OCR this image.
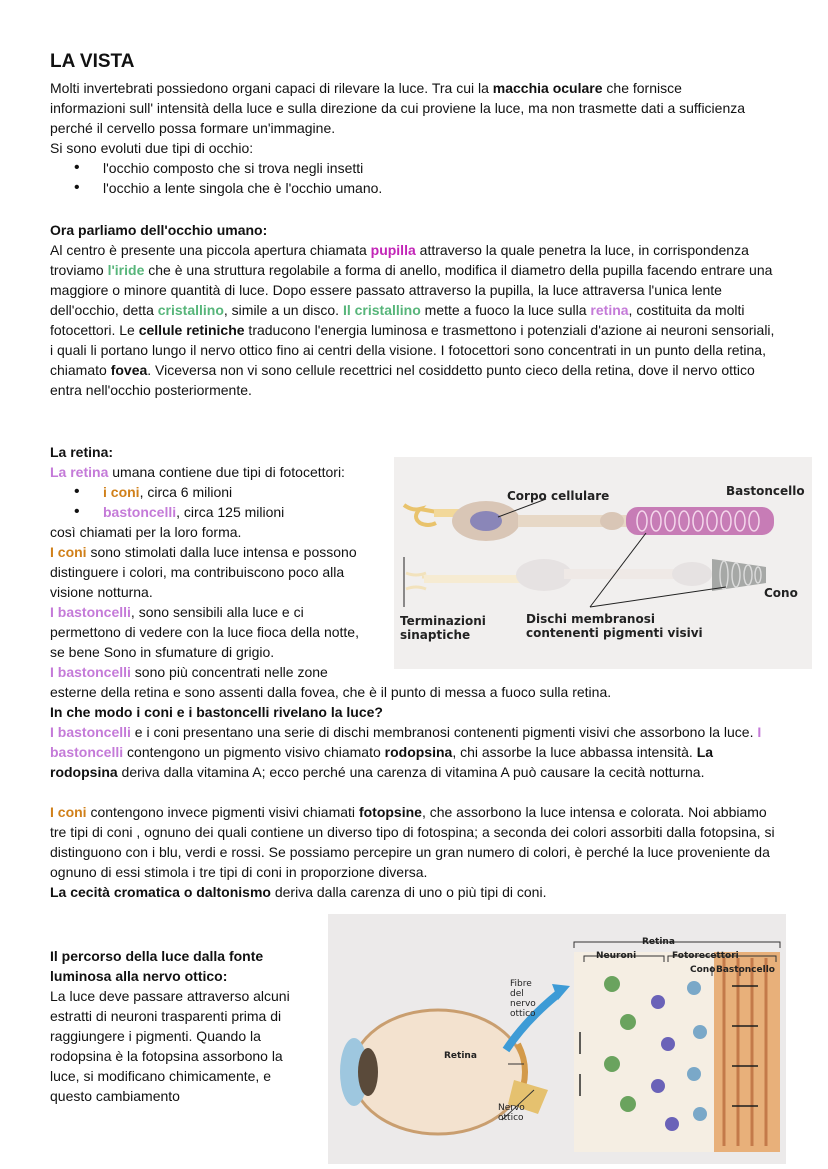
LA VISTA
Molti invertebrati possiedono organi capaci di rilevare la luce. Tra cui la macchia oculare che fornisce informazioni sull' intensità della luce e sulla direzione da cui proviene la luce, ma non trasmette dati a sufficienza perché il cervello possa formare un'immagine.
Si sono evoluti due tipi di occhio:
• l'occhio composto che si trova negli insetti
• l'occhio a lente singola che è l'occhio umano.
Ora parliamo dell'occhio umano:
Al centro è presente una piccola apertura chiamata pupilla attraverso la quale penetra la luce, in corrispondenza troviamo l'iride che è una struttura regolabile a forma di anello, modifica il diametro della pupilla facendo entrare una maggiore o minore quantità di luce. Dopo essere passato attraverso la pupilla, la luce attraversa l'unica lente dell'occhio, detta cristallino, simile a un disco. Il cristallino mette a fuoco la luce sulla retina, costituita da molti fotocettori. Le cellule retiniche traducono l'energia luminosa e trasmettono i potenziali d'azione ai neuroni sensoriali, i quali li portano lungo il nervo ottico fino ai centri della visione. I fotocettori sono concentrati in un punto della retina, chiamato fovea. Viceversa non vi sono cellule recettrici nel cosiddetto punto cieco della retina, dove il nervo ottico entra nell'occhio posteriormente.
La retina:
La retina umana contiene due tipi di fotocettori:
• i coni, circa 6 milioni
• bastoncelli, circa 125 milioni
così chiamati per la loro forma.
I coni sono stimolati dalla luce intensa e possono distinguere i colori, ma contribuiscono poco alla visione notturna.
I bastoncelli, sono sensibili alla luce e ci permettono di vedere con la luce fioca della notte, se bene Sono in sfumature di grigio.
I bastoncelli sono più concentrati nelle zone
esterne della retina e sono assenti dalla fovea, che è il punto di messa a fuoco sulla retina.
In che modo i coni e i bastoncelli rivelano la luce?
I bastoncelli e i coni presentano una serie di dischi membranosi contenenti pigmenti visivi che assorbono la luce. I bastoncelli contengono un pigmento visivo chiamato rodopsina, chi assorbe la luce abbassa intensità. La rodopsina deriva dalla vitamina A; ecco perché una carenza di vitamina A può causare la cecità notturna.
I coni contengono invece pigmenti visivi chiamati fotopsine, che assorbono la luce intensa e colorata. Noi abbiamo tre tipi di coni , ognuno dei quali contiene un diverso tipo di fotospina; a seconda dei colori assorbiti dalla fotopsina, si distinguono con i blu, verdi e rossi. Se possiamo percepire un gran numero di colori, è perché la luce proveniente da ognuno di essi stimola i tre tipi di coni in proporzione diversa.
La cecità cromatica o daltonismo deriva dalla carenza di uno o più tipi di coni.
Il percorso della luce dalla fonte luminosa alla nervo ottico:
La luce deve passare attraverso alcuni estratti di neuroni trasparenti prima di raggiungere i pigmenti. Quando la rodopsina è la fotopsina assorbono la luce, si modificano chimicamente, e questo cambiamento
Corpo cellulare	Bastoncello
Cono
Terminazioni
sinaptiche
Dischi membranosi
contenenti pigmenti visivi
Retina
Neuroni	Fotorecettori
Cono Bastoncello
Fibre
del
nervo
ottico
Retina
Nervo
ottico
